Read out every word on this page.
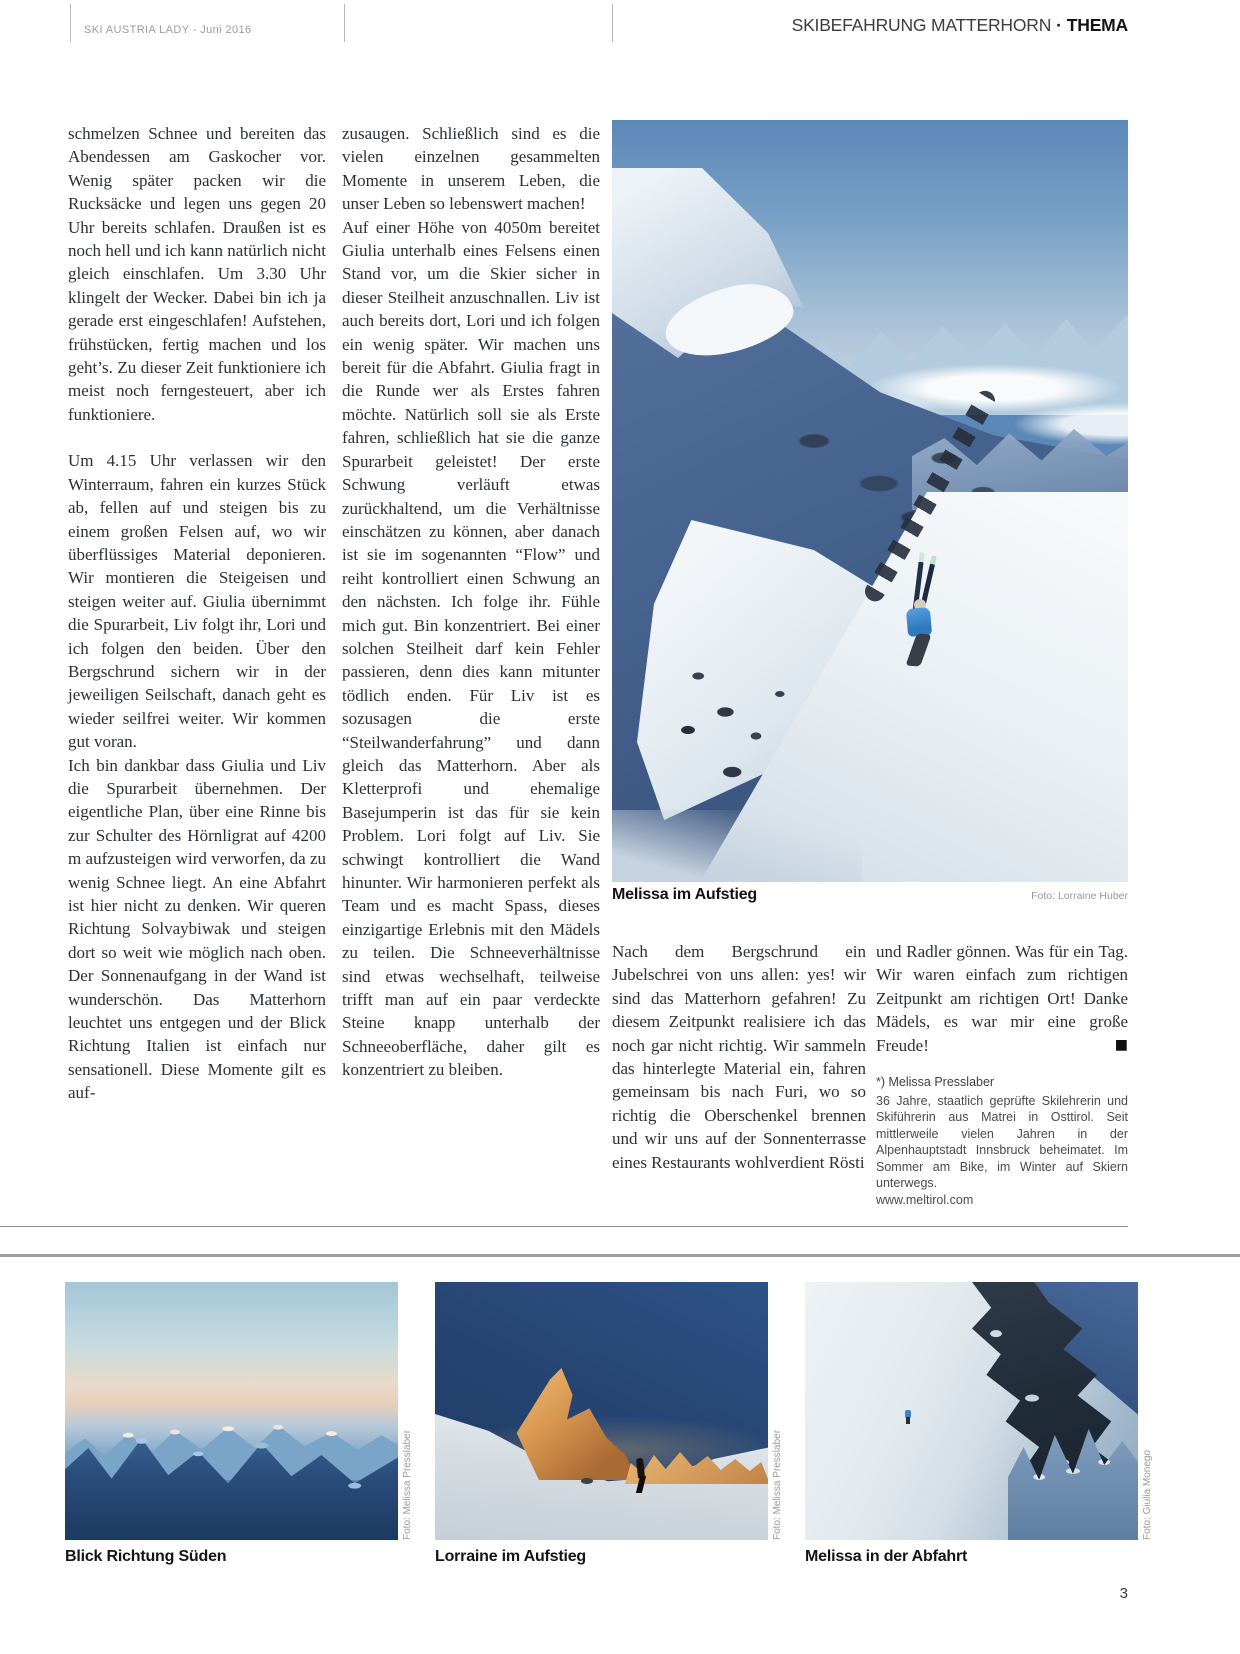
SKI AUSTRIA LADY - Juni 2016	SKIBEFAHRUNG MATTERHORN · THEMA

schmelzen Schnee und bereiten das Abendessen am Gaskocher vor. Wenig später packen wir die Rucksäcke und legen uns gegen 20 Uhr bereits schlafen. Draußen ist es noch hell und ich kann natürlich nicht gleich einschlafen. Um 3.30 Uhr klingelt der Wecker. Dabei bin ich ja gerade erst eingeschlafen! Aufstehen, frühstücken, fertig machen und los geht’s. Zu dieser Zeit funktioniere ich meist noch ferngesteuert, aber ich funktioniere.

Um 4.15 Uhr verlassen wir den Winterraum, fahren ein kurzes Stück ab, fellen auf und steigen bis zu einem großen Felsen auf, wo wir überflüssiges Material deponieren. Wir montieren die Steigeisen und steigen weiter auf. Giulia übernimmt die Spurarbeit, Liv folgt ihr, Lori und ich folgen den beiden. Über den Bergschrund sichern wir in der jeweiligen Seilschaft, danach geht es wieder seilfrei weiter. Wir kommen gut voran.

Ich bin dankbar dass Giulia und Liv die Spurarbeit übernehmen. Der eigentliche Plan, über eine Rinne bis zur Schulter des Hörnligrat auf 4200 m aufzusteigen wird verworfen, da zu wenig Schnee liegt. An eine Abfahrt ist hier nicht zu denken. Wir queren Richtung Solvaybiwak und steigen dort so weit wie möglich nach oben. Der Sonnenaufgang in der Wand ist wunderschön. Das Matterhorn leuchtet uns entgegen und der Blick Richtung Italien ist einfach nur sensationell. Diese Momente gilt es auf-

zusaugen. Schließlich sind es die vielen einzelnen gesammelten Momente in unserem Leben, die unser Leben so lebenswert machen!

Auf einer Höhe von 4050m bereitet Giulia unterhalb eines Felsens einen Stand vor, um die Skier sicher in dieser Steilheit anzuschnallen. Liv ist auch bereits dort, Lori und ich folgen ein wenig später. Wir machen uns bereit für die Abfahrt. Giulia fragt in die Runde wer als Erstes fahren möchte. Natürlich soll sie als Erste fahren, schließlich hat sie die ganze Spurarbeit geleistet! Der erste Schwung verläuft etwas zurückhaltend, um die Verhältnisse einschätzen zu können, aber danach ist sie im sogenannten “Flow” und reiht kontrolliert einen Schwung an den nächsten. Ich folge ihr. Fühle mich gut. Bin konzentriert. Bei einer solchen Steilheit darf kein Fehler passieren, denn dies kann mitunter tödlich enden. Für Liv ist es sozusagen die erste “Steilwanderfahrung” und dann gleich das Matterhorn. Aber als Kletterprofi und ehemalige Basejumperin ist das für sie kein Problem. Lori folgt auf Liv. Sie schwingt kontrolliert die Wand hinunter. Wir harmonieren perfekt als Team und es macht Spass, dieses einzigartige Erlebnis mit den Mädels zu teilen. Die Schneeverhältnisse sind etwas wechselhaft, teilweise trifft man auf ein paar verdeckte Steine knapp unterhalb der Schneeoberfläche, daher gilt es konzentriert zu bleiben.

Melissa im Aufstieg	Foto: Lorraine Huber

Nach dem Bergschrund ein Jubelschrei von uns allen: yes! wir sind das Matterhorn gefahren! Zu diesem Zeitpunkt realisiere ich das noch gar nicht richtig. Wir sammeln das hinterlegte Material ein, fahren gemeinsam bis nach Furi, wo so richtig die Oberschenkel brennen und wir uns auf der Sonnenterrasse eines Restaurants wohlverdient Rösti

und Radler gönnen. Was für ein Tag. Wir waren einfach zum richtigen Zeitpunkt am richtigen Ort! Danke Mädels, es war mir eine große Freude!	■

*) Melissa Presslaber

36 Jahre, staatlich geprüfte Skilehrerin und Skiführerin aus Matrei in Osttirol. Seit mittlerweile vielen Jahren in der Alpenhauptstadt Innsbruck beheimatet. Im Sommer am Bike, im Winter auf Skiern unterwegs.

www.meltirol.com

Foto: Melissa Presslaber
Blick Richtung Süden
Foto: Melissa Presslaber
Lorraine im Aufstieg
Foto: Giulia Monego
Melissa in der Abfahrt
3
